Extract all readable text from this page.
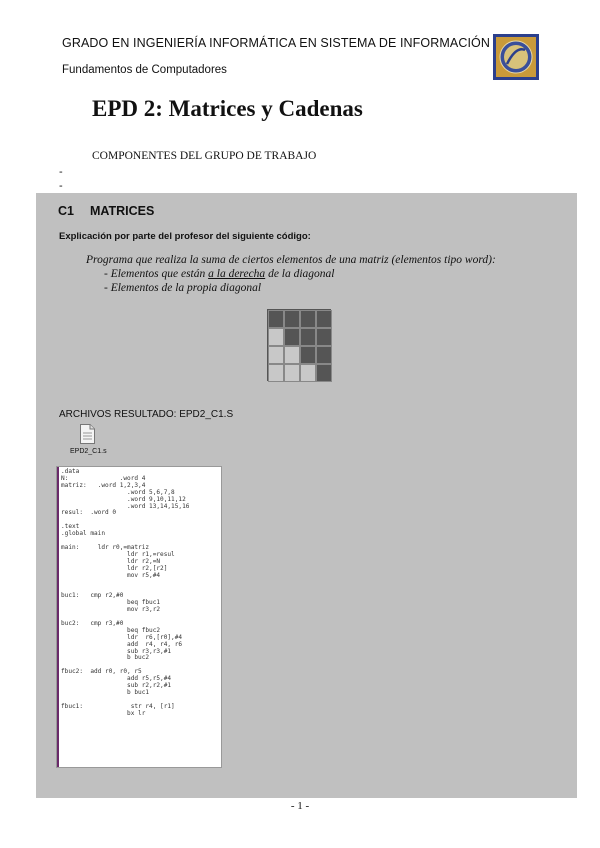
GRADO EN INGENIERÍA INFORMÁTICA EN SISTEMA DE INFORMACIÓN
Fundamentos de Computadores
EPD 2: Matrices y Cadenas
COMPONENTES DEL GRUPO DE TRABAJO
-
-
C1 MATRICES
Explicación por parte del profesor del siguiente código:
Programa que realiza la suma de ciertos elementos de una matriz (elementos tipo word):
- Elementos que están a la derecha de la diagonal
- Elementos de la propia diagonal
ARCHIVOS RESULTADO: EPD2_C1.S
EPD2_C1.s
.data
N:              .word 4
matriz:   .word 1,2,3,4
.word 5,6,7,8
.word 9,10,11,12
.word 13,14,15,16
resul:  .word 0

.text
.global main

main:     ldr r0,=matriz
ldr r1,=resul
ldr r2,=N
ldr r2,[r2]
mov r5,#4

buc1:   cmp r2,#0
beq fbuc1
mov r3,r2

buc2:   cmp r3,#0
beq fbuc2
ldr  r6,[r0],#4
add  r4, r4, r6
sub r3,r3,#1
b buc2

fbuc2:  add r0, r0, r5
add r5,r5,#4
sub r2,r2,#1
b buc1

fbuc1:             str r4, [r1]
bx lr
- 1 -
